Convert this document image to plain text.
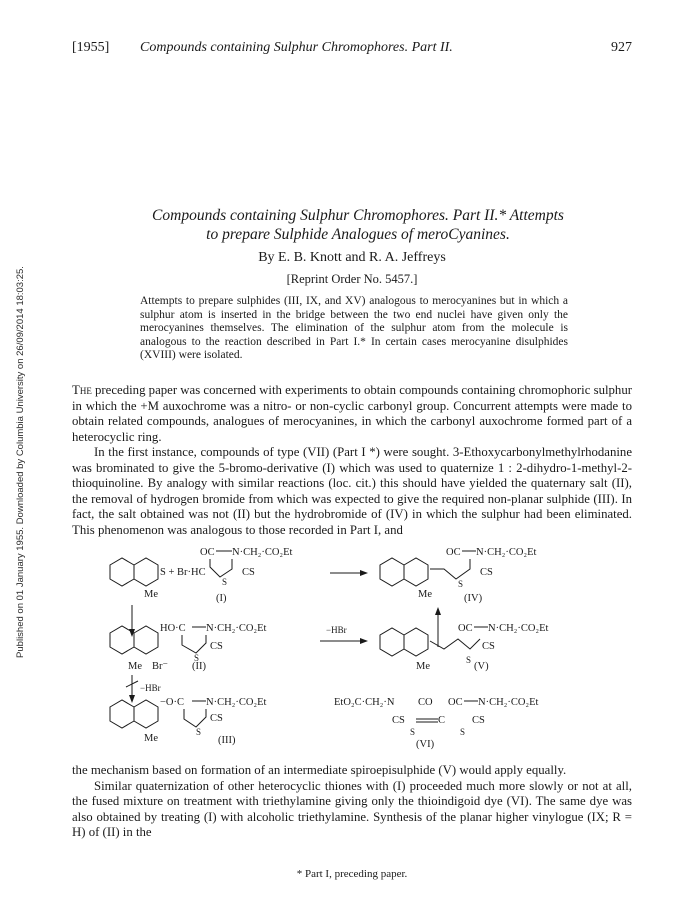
[1955] Compounds containing Sulphur Chromophores. Part II.	927
Published on 01 January 1955. Downloaded by Columbia University on 26/09/2014 18:03:25.
Compounds containing Sulphur Chromophores. Part II.* Attempts
to prepare Sulphide Analogues of meroCyanines.
By E. B. Knott and R. A. Jeffreys
[Reprint Order No. 5457.]
Attempts to prepare sulphides (III, IX, and XV) analogous to merocyanines but in which a sulphur atom is inserted in the bridge between the two end nuclei have given only the merocyanines themselves. The elimination of the sulphur atom from the molecule is analogous to the reaction described in Part I.* In certain cases merocyanine disulphides (XVIII) were isolated.

The preceding paper was concerned with experiments to obtain compounds containing chromophoric sulphur in which the +M auxochrome was a nitro- or non-cyclic carbonyl group. Concurrent attempts were made to obtain related compounds, analogues of merocyanines, in which the carbonyl auxochrome formed part of a heterocyclic ring.

In the first instance, compounds of type (VII) (Part I *) were sought. 3-Ethoxycarbonylmethylrhodanine was brominated to give the 5-bromo-derivative (I) which was used to quaternize 1 : 2-dihydro-1-methyl-2-thioquinoline. By analogy with similar reactions (loc. cit.) this should have yielded the quaternary salt (II), the removal of hydrogen bromide from which was expected to give the required non-planar sulphide (III). In fact, the salt obtained was not (II) but the hydrobromide of (IV) in which the sulphur had been eliminated. This phenomenon was analogous to those recorded in Part I, and

Me
S + Br·HC
OC N·CH₂·CO₂Et
CS
S
(I)	Me
OC N·CH₂·CO₂Et
CS
S
(IV)
HO·C N·CH₂·CO₂Et
CS
S
Me Br⁻ (II)
−HBr	OC N·CH₂·CO₂Et
CS
S
Me	(V)
−HBr
−O·C N·CH₂·CO₂Et
CS
S
Me	(III)
EtO₂C·CH₂·N CO OC N·CH₂·CO₂Et
CS	C	CS
S	S
(VI)

the mechanism based on formation of an intermediate spiroepisulphide (V) would apply equally.

Similar quaternization of other heterocyclic thiones with (I) proceeded much more slowly or not at all, the fused mixture on treatment with triethylamine giving only the thioindigoid dye (VI). The same dye was also obtained by treating (I) with alcoholic triethylamine. Synthesis of the planar higher vinylogue (IX; R = H) of (II) in the

* Part I, preceding paper.
